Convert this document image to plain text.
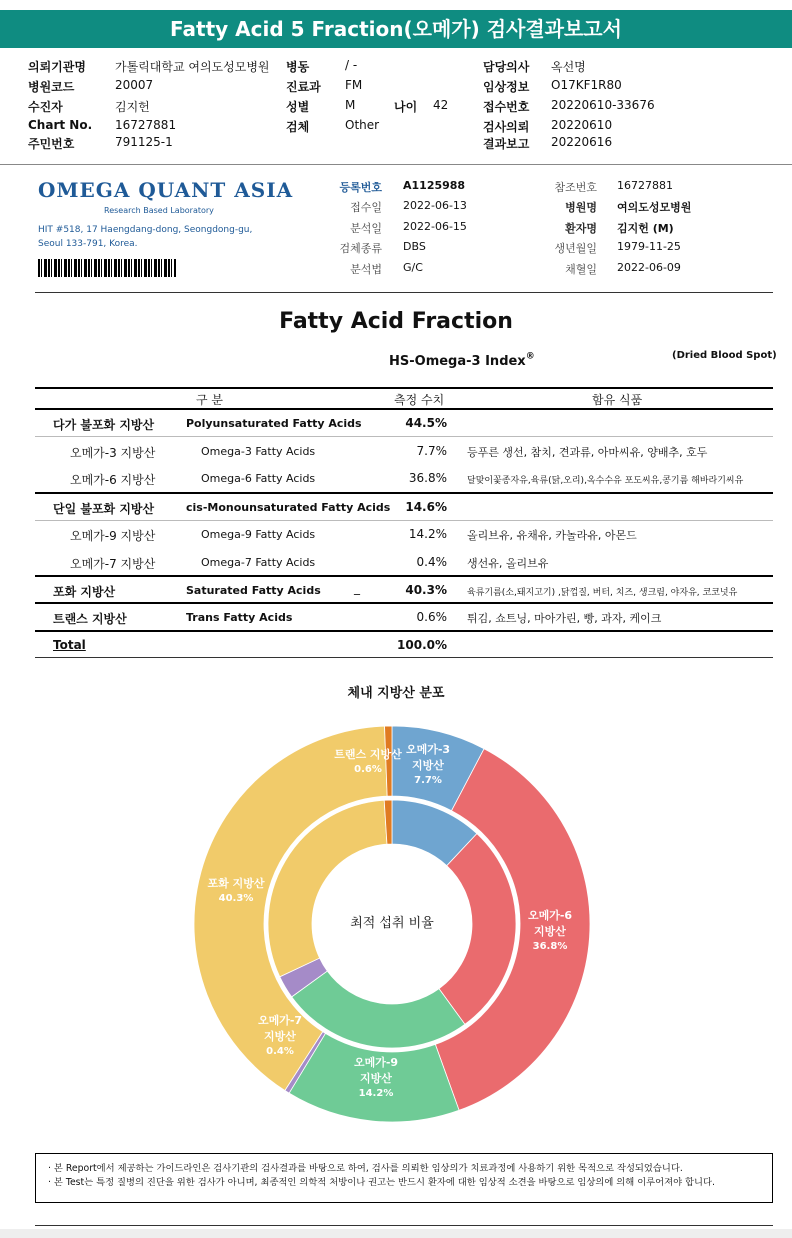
Fatty Acid 5 Fraction(오메가) 검사결과보고서
의뢰기관명 가톨릭대학교 여의도성모병원
병원코드	20007
수진자	김지헌
Chart No. 16727881
주민번호	791125-1
병동	/ -
진료과 FM
성별	M	나이 42
검체	Other
담당의사 옥선명
임상정보 O17KF1R80
접수번호 20220610-33676
검사의뢰 20220610
결과보고 20220616
OMEGA QUANT ASIA
Research Based Laboratory
HIT #518, 17 Haengdang-dong, Seongdong-gu,
Seoul 133-791, Korea.
등록번호 A1125988
접수일 2022-06-13
분석일 2022-06-15
검체종류 DBS
분석법 G/C
참조번호 16727881
병원명 여의도성모병원
환자명 김지헌 (M)
생년월일 1979-11-25
채혈일 2022-06-09
Fatty Acid Fraction
HS-Omega-3 Index®	(Dried Blood Spot)
구 분	측정 수치	함유 식품
다가 불포화 지방산	Polyunsaturated Fatty Acids	44.5%
오메가-3 지방산	Omega-3 Fatty Acids	7.7% 등푸른 생선, 참치, 견과류, 아마씨유, 양배추, 호두
오메가-6 지방산	Omega-6 Fatty Acids	36.8% 달맞이꽃종자유,육류(닭,오리),옥수수유 포도씨유,콩기름 해바라기씨유
단일 불포화 지방산	cis-Monounsaturated Fatty Acids	14.6%
오메가-9 지방산	Omega-9 Fatty Acids	14.2% 올리브유, 유채유, 카놀라유, 아몬드
오메가-7 지방산	Omega-7 Fatty Acids	0.4% 생선유, 올리브유
포화 지방산	Saturated Fatty Acids	_	40.3% 육류기름(소,돼지고기) ,닭껍질, 버터, 치즈, 생크림, 야자유, 코코넛유
트랜스 지방산	Trans Fatty Acids	0.6% 튀김, 쇼트닝, 마아가린, 빵, 과자, 케이크
Total	100.0%
체내 지방산 분포
최적 섭취 비율
오메가-3
지방산
7.7%
오메가-6
지방산
36.8%
오메가-9
지방산
14.2%
오메가-7
지방산
0.4%
포화 지방산
40.3%
트랜스 지방산
0.6%
· 본 Report에서 제공하는 가이드라인은 검사기관의 검사결과를 바탕으로 하여, 검사를 의뢰한 임상의가 치료과정에 사용하기 위한 목적으로 작성되었습니다.
· 본 Test는 특정 질병의 진단을 위한 검사가 아니며, 최종적인 의학적 처방이나 권고는 반드시 환자에 대한 임상적 소견을 바탕으로 임상의에 의해 이루어져야 합니다.
